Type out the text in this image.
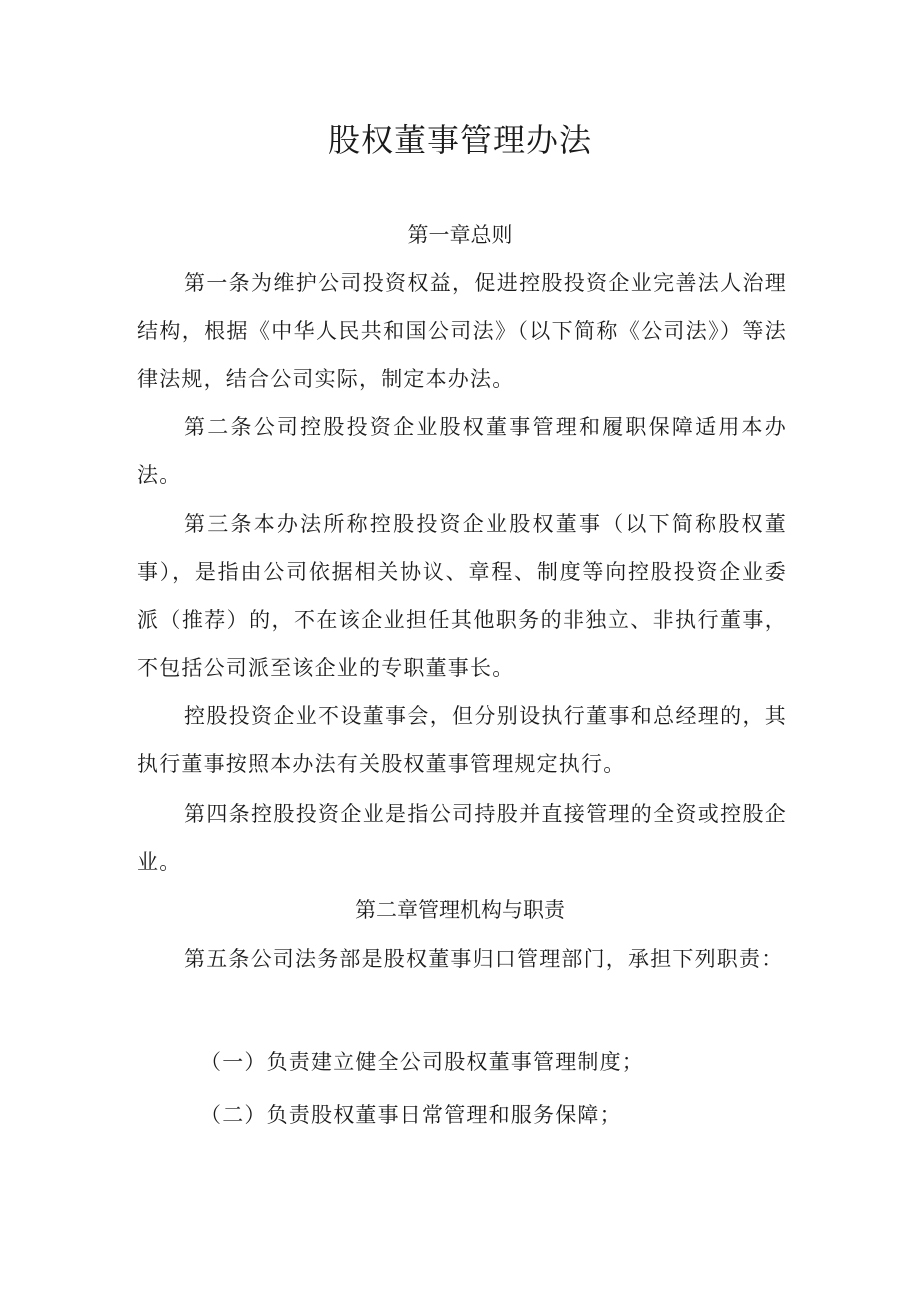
股权董事管理办法
第一章总则

第一条为维护公司投资权益，促进控股投资企业完善法人治理结构，根据《中华人民共和国公司法》（以下简称《公司法》）等法律法规，结合公司实际，制定本办法。

第二条公司控股投资企业股权董事管理和履职保障适用本办法。

第三条本办法所称控股投资企业股权董事（以下简称股权董事），是指由公司依据相关协议、章程、制度等向控股投资企业委派（推荐）的，不在该企业担任其他职务的非独立、非执行董事，不包括公司派至该企业的专职董事长。

控股投资企业不设董事会，但分别设执行董事和总经理的，其执行董事按照本办法有关股权董事管理规定执行。

第四条控股投资企业是指公司持股并直接管理的全资或控股企业。

第二章管理机构与职责

第五条公司法务部是股权董事归口管理部门，承担下列职责：

（一）负责建立健全公司股权董事管理制度；

（二）负责股权董事日常管理和服务保障；
